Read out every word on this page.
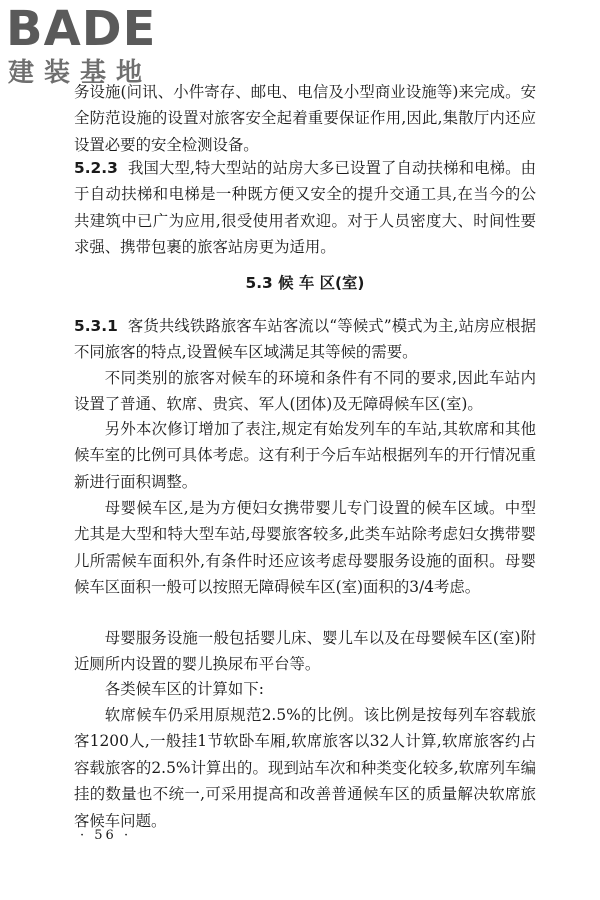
BADE
建装基地
务设施(问讯、小件寄存、邮电、电信及小型商业设施等)来完成。安全防范设施的设置对旅客安全起着重要保证作用,因此,集散厅内还应设置必要的安全检测设备。
5.2.3 我国大型,特大型站的站房大多已设置了自动扶梯和电梯。由于自动扶梯和电梯是一种既方便又安全的提升交通工具,在当今的公共建筑中已广为应用,很受使用者欢迎。对于人员密度大、时间性要求强、携带包裹的旅客站房更为适用。
5.3 候 车 区(室)
5.3.1 客货共线铁路旅客车站客流以“等候式”模式为主,站房应根据不同旅客的特点,设置候车区域满足其等候的需要。
不同类别的旅客对候车的环境和条件有不同的要求,因此车站内设置了普通、软席、贵宾、军人(团体)及无障碍候车区(室)。
另外本次修订增加了表注,规定有始发列车的车站,其软席和其他候车室的比例可具体考虑。这有利于今后车站根据列车的开行情况重新进行面积调整。
母婴候车区,是为方便妇女携带婴儿专门设置的候车区域。中型尤其是大型和特大型车站,母婴旅客较多,此类车站除考虑妇女携带婴儿所需候车面积外,有条件时还应该考虑母婴服务设施的面积。母婴候车区面积一般可以按照无障碍候车区(室)面积的3/4考虑。
母婴服务设施一般包括婴儿床、婴儿车以及在母婴候车区(室)附近厕所内设置的婴儿换尿布平台等。
各类候车区的计算如下:
软席候车仍采用原规范2.5%的比例。该比例是按每列车容载旅客1200人,一般挂1节软卧车厢,软席旅客以32人计算,软席旅客约占容载旅客的2.5%计算出的。现到站车次和种类变化较多,软席列车编挂的数量也不统一,可采用提高和改善普通候车区的质量解决软席旅客候车问题。
· 56 ·
